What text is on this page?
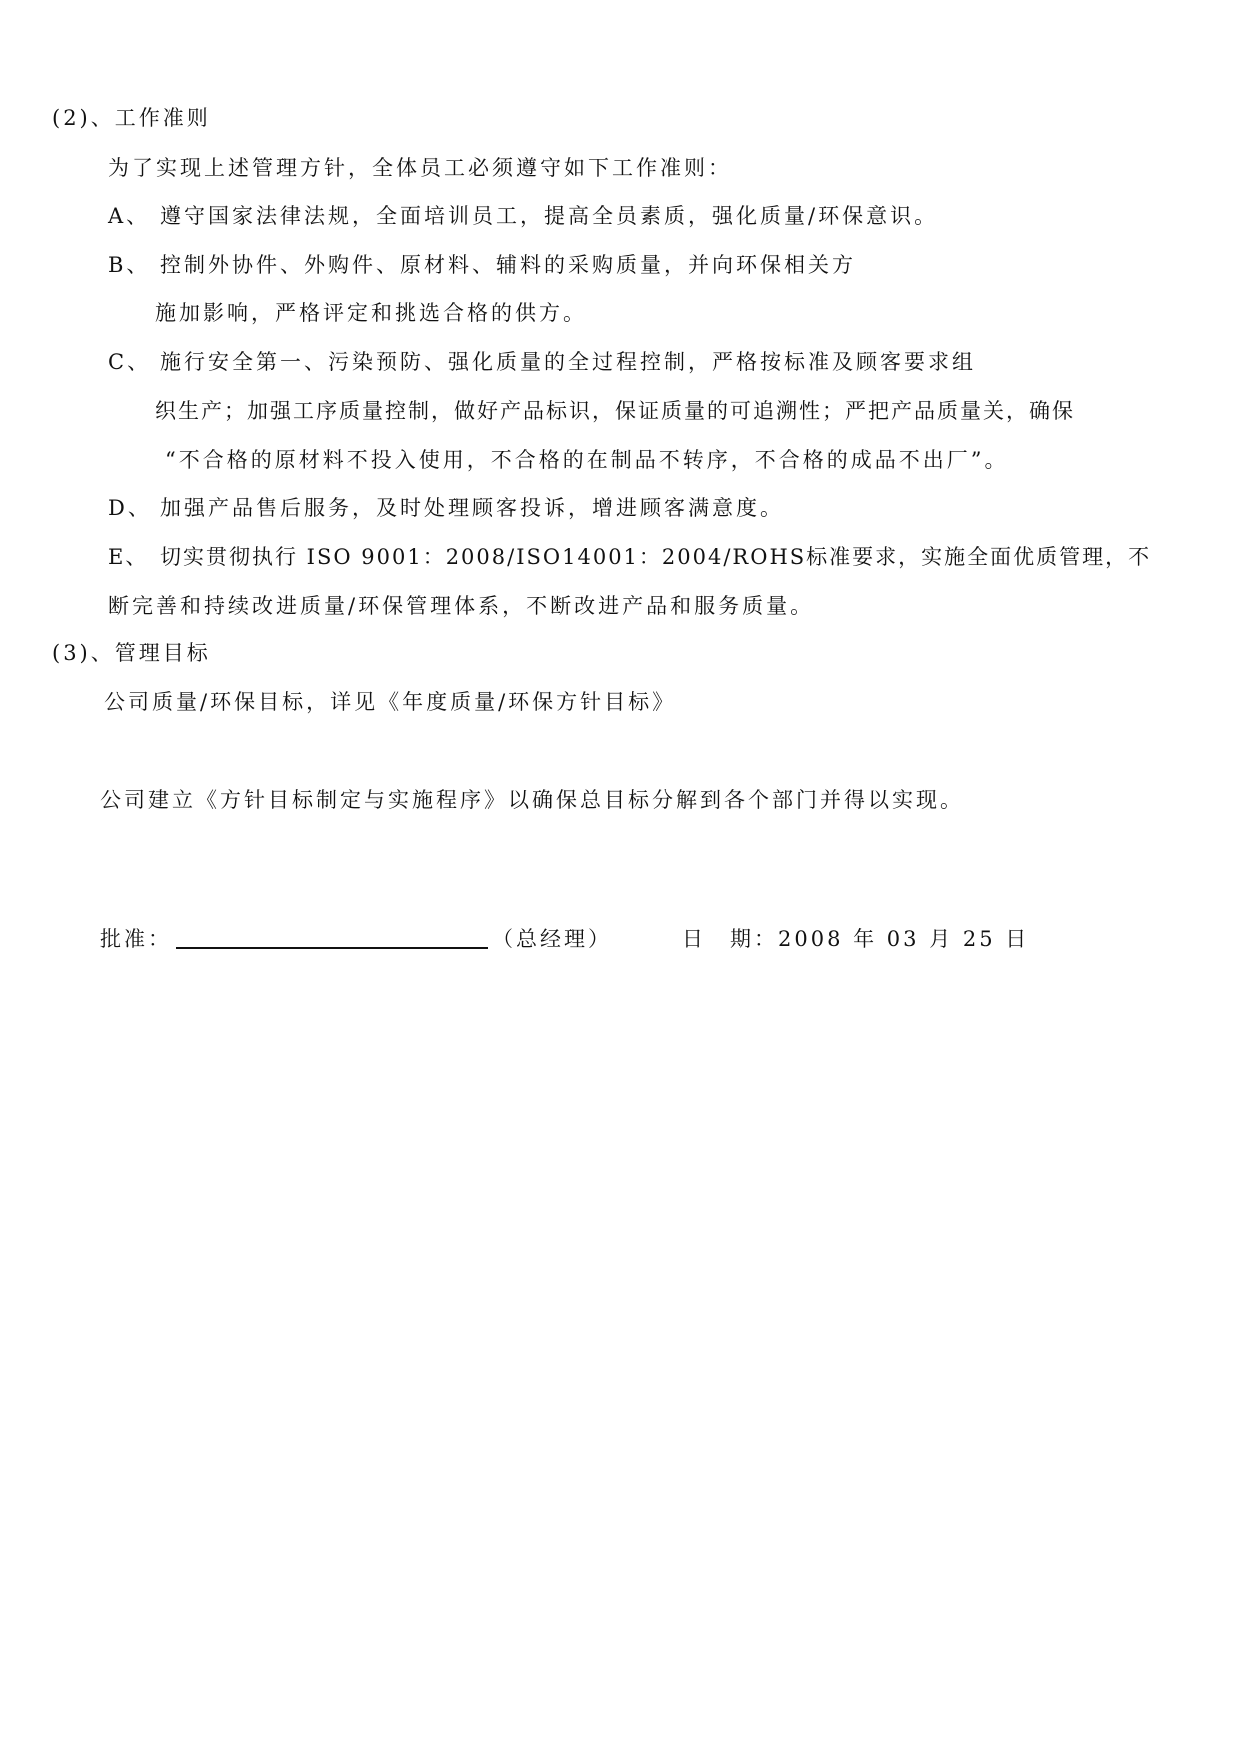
(2)、工作准则
为了实现上述管理方针，全体员工必须遵守如下工作准则：
A、 遵守国家法律法规，全面培训员工，提高全员素质，强化质量/环保意识。
B、 控制外协件、外购件、原材料、辅料的采购质量，并向环保相关方
施加影响，严格评定和挑选合格的供方。
C、 施行安全第一、污染预防、强化质量的全过程控制，严格按标准及顾客要求组
织生产；加强工序质量控制，做好产品标识，保证质量的可追溯性；严把产品质量关，确保
“不合格的原材料不投入使用，不合格的在制品不转序，不合格的成品不出厂”。
D、 加强产品售后服务，及时处理顾客投诉，增进顾客满意度。
E、 切实贯彻执行 ISO 9001：2008/ISO14001：2004/ROHS标准要求，实施全面优质管理，不
断完善和持续改进质量/环保管理体系，不断改进产品和服务质量。
(3)、管理目标
公司质量/环保目标，详见《年度质量/环保方针目标》
公司建立《方针目标制定与实施程序》以确保总目标分解到各个部门并得以实现。
批准：	（总经理）	日　期：2008 年 03 月 25 日
